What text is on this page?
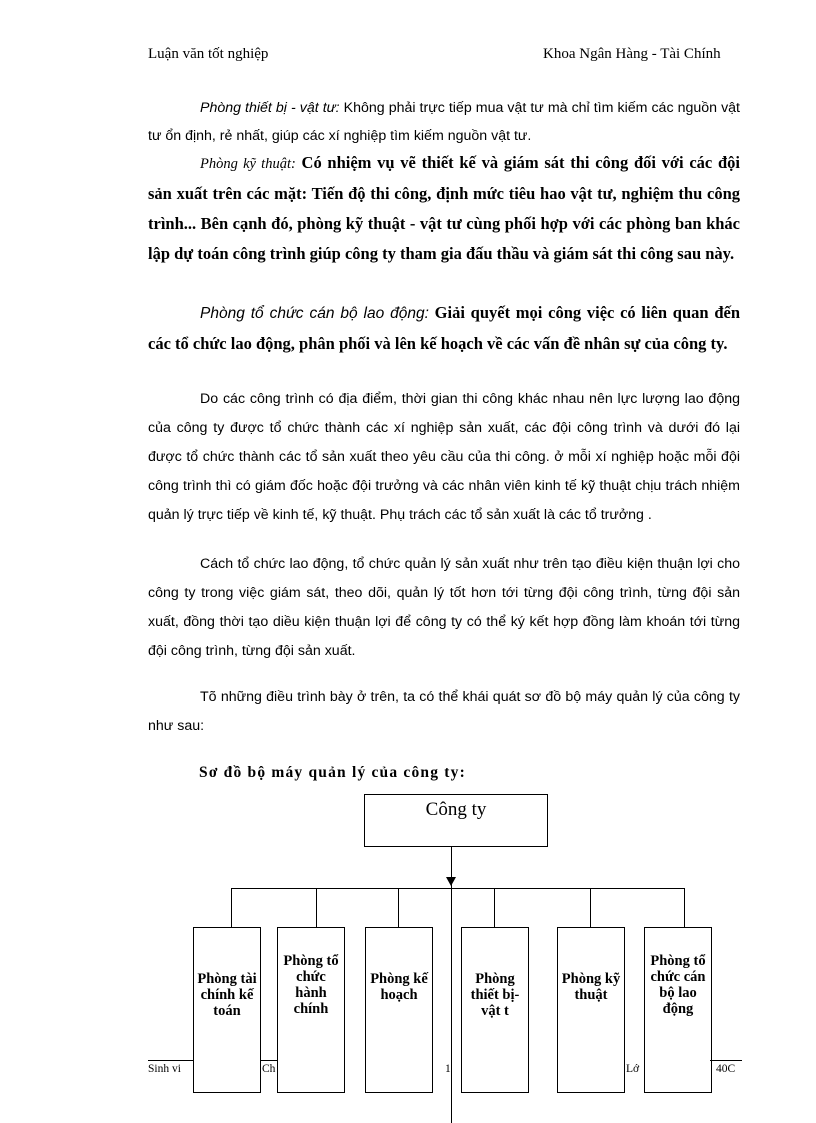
Luận văn tốt nghiệp	Khoa Ngân Hàng - Tài Chính

Phòng thiết bị - vật tư: Không phải trực tiếp mua vật tư mà chỉ tìm kiếm các nguồn vật tư ổn định, rẻ nhất, giúp các xí nghiệp tìm kiếm nguồn vật tư.

Phòng kỹ thuật: Có nhiệm vụ vẽ thiết kế và giám sát thi công đối với các đội sản xuất trên các mặt: Tiến độ thi công, định mức tiêu hao vật tư, nghiệm thu công trình... Bên cạnh đó, phòng kỹ thuật - vật tư cùng phối hợp với các phòng ban khác lập dự toán công trình giúp công ty tham gia đấu thầu và giám sát thi công sau này.

Phòng tổ chức cán bộ lao động: Giải quyết mọi công việc có liên quan đến các tổ chức lao động, phân phối và lên kế hoạch về các vấn đề nhân sự của công ty.

Do các công trình có địa điểm, thời gian thi công khác nhau nên lực lượng lao động của công ty được tổ chức thành các xí nghiệp sản xuất, các đội công trình và dưới đó lại được tổ chức thành các tổ sản xuất theo yêu cầu của thi công. ở mỗi xí nghiệp hoặc mỗi đội công trình thì có giám đốc hoặc đội trưởng và các nhân viên kinh tế kỹ thuật chịu trách nhiệm quản lý trực tiếp về kinh tế, kỹ thuật. Phụ trách các tổ sản xuất là các tổ trưởng .

Cách tổ chức lao động, tổ chức quản lý sản xuất như trên tạo điều kiện thuận lợi cho công ty trong việc giám sát, theo dõi, quản lý tốt hơn tới từng đội công trình, từng đội sản xuất, đồng thời tạo diều kiện thuận lợi để công ty có thể ký kết hợp đồng làm khoán tới từng đội công trình, từng đội sản xuất.

Tõ những điều trình bày ở trên, ta có thể khái quát sơ đồ bộ máy quản lý của công ty như sau:

Sơ đồ bộ máy quản lý của công ty:
Công ty
Phòng tài chính kế toán
Phòng tổ chức hành chính
Phòng kế hoạch
Phòng thiết bị- vật t
Phòng kỹ thuật
Phòng tổ chức cán bộ lao động
Sinh vi	Ch	1	Lớ	40C
